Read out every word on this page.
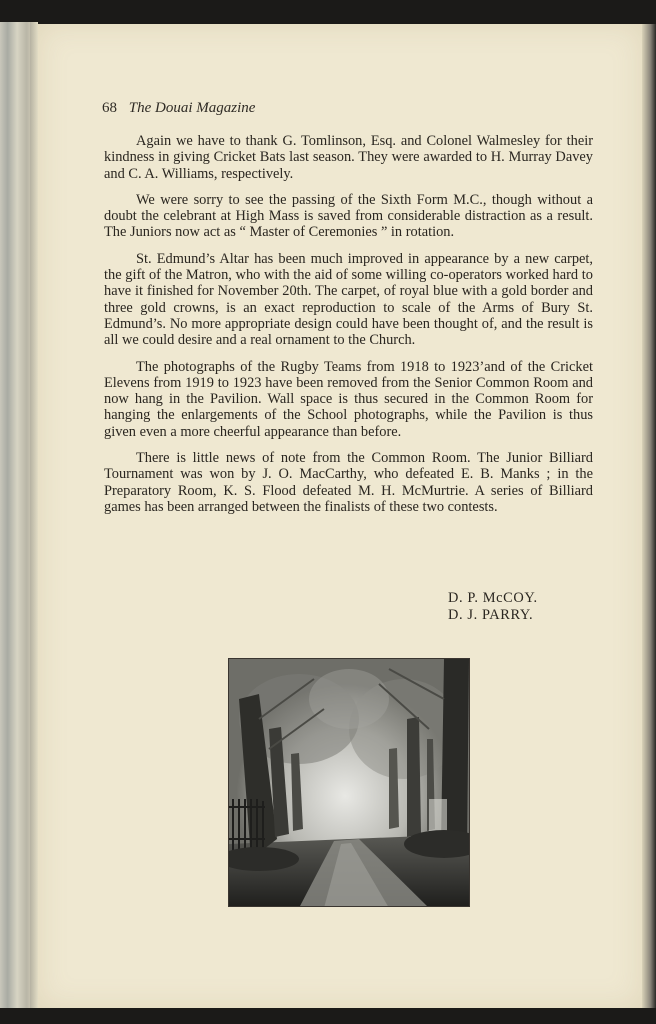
68 The Douai Magazine

Again we have to thank G. Tomlinson, Esq. and Colonel Walmesley for their kindness in giving Cricket Bats last season. They were awarded to H. Murray Davey and C. A. Williams, respectively.

We were sorry to see the passing of the Sixth Form M.C., though without a doubt the celebrant at High Mass is saved from considerable distraction as a result. The Juniors now act as “ Master of Ceremonies ” in rotation.

St. Edmund’s Altar has been much improved in appearance by a new carpet, the gift of the Matron, who with the aid of some willing co-operators worked hard to have it finished for November 20th. The carpet, of royal blue with a gold border and three gold crowns, is an exact reproduction to scale of the Arms of Bury St. Edmund’s. No more appropriate design could have been thought of, and the result is all we could desire and a real ornament to the Church.

The photographs of the Rugby Teams from 1918 to 1923’and of the Cricket Elevens from 1919 to 1923 have been removed from the Senior Common Room and now hang in the Pavilion. Wall space is thus secured in the Common Room for hanging the enlargements of the School photographs, while the Pavilion is thus given even a more cheerful appearance than before.

There is little news of note from the Common Room. The Junior Billiard Tournament was won by J. O. MacCarthy, who defeated E. B. Manks ; in the Preparatory Room, K. S. Flood defeated M. H. McMurtrie. A series of Billiard games has been arranged between the finalists of these two contests.

D. P. McCOY.
D. J. PARRY.
